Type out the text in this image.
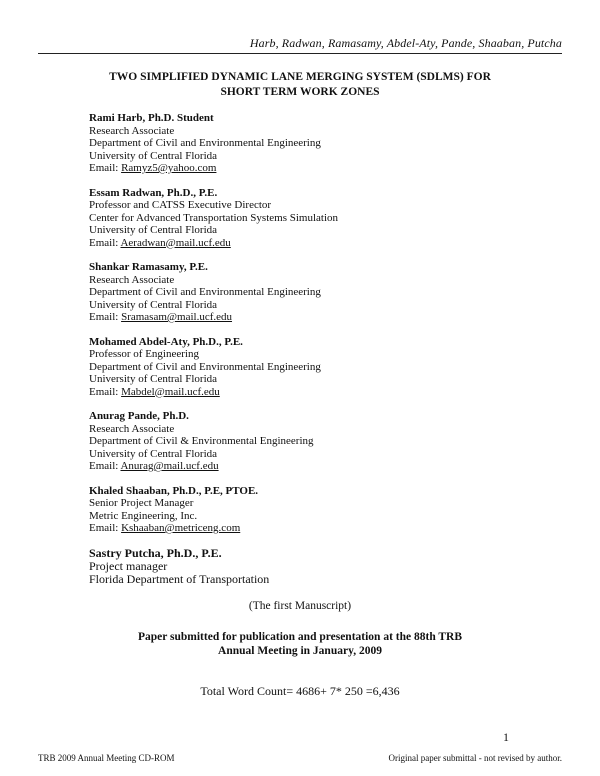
Harb, Radwan, Ramasamy, Abdel-Aty, Pande, Shaaban, Putcha
TWO SIMPLIFIED DYNAMIC LANE MERGING SYSTEM (SDLMS) FOR
SHORT TERM WORK ZONES
Rami Harb, Ph.D. Student
Research Associate
Department of Civil and Environmental Engineering
University of Central Florida
Email: Ramyz5@yahoo.com
Essam Radwan, Ph.D., P.E.
Professor and CATSS Executive Director
Center for Advanced Transportation Systems Simulation
University of Central Florida
Email: Aeradwan@mail.ucf.edu
Shankar Ramasamy, P.E.
Research Associate
Department of Civil and Environmental Engineering
University of Central Florida
Email: Sramasam@mail.ucf.edu
Mohamed Abdel-Aty, Ph.D., P.E.
Professor of Engineering
Department of Civil and Environmental Engineering
University of Central Florida
Email: Mabdel@mail.ucf.edu
Anurag Pande, Ph.D.
Research Associate
Department of Civil & Environmental Engineering
University of Central Florida
Email: Anurag@mail.ucf.edu
Khaled Shaaban, Ph.D., P.E, PTOE.
Senior Project Manager
Metric Engineering, Inc.
Email: Kshaaban@metriceng.com
Sastry Putcha, Ph.D., P.E.
Project manager
Florida Department of Transportation
(The first Manuscript)
Paper submitted for publication and presentation at the 88th TRB
Annual Meeting in January, 2009
Total Word Count= 4686+ 7* 250 =6,436
1
TRB 2009 Annual Meeting CD-ROM	Original paper submittal - not revised by author.
